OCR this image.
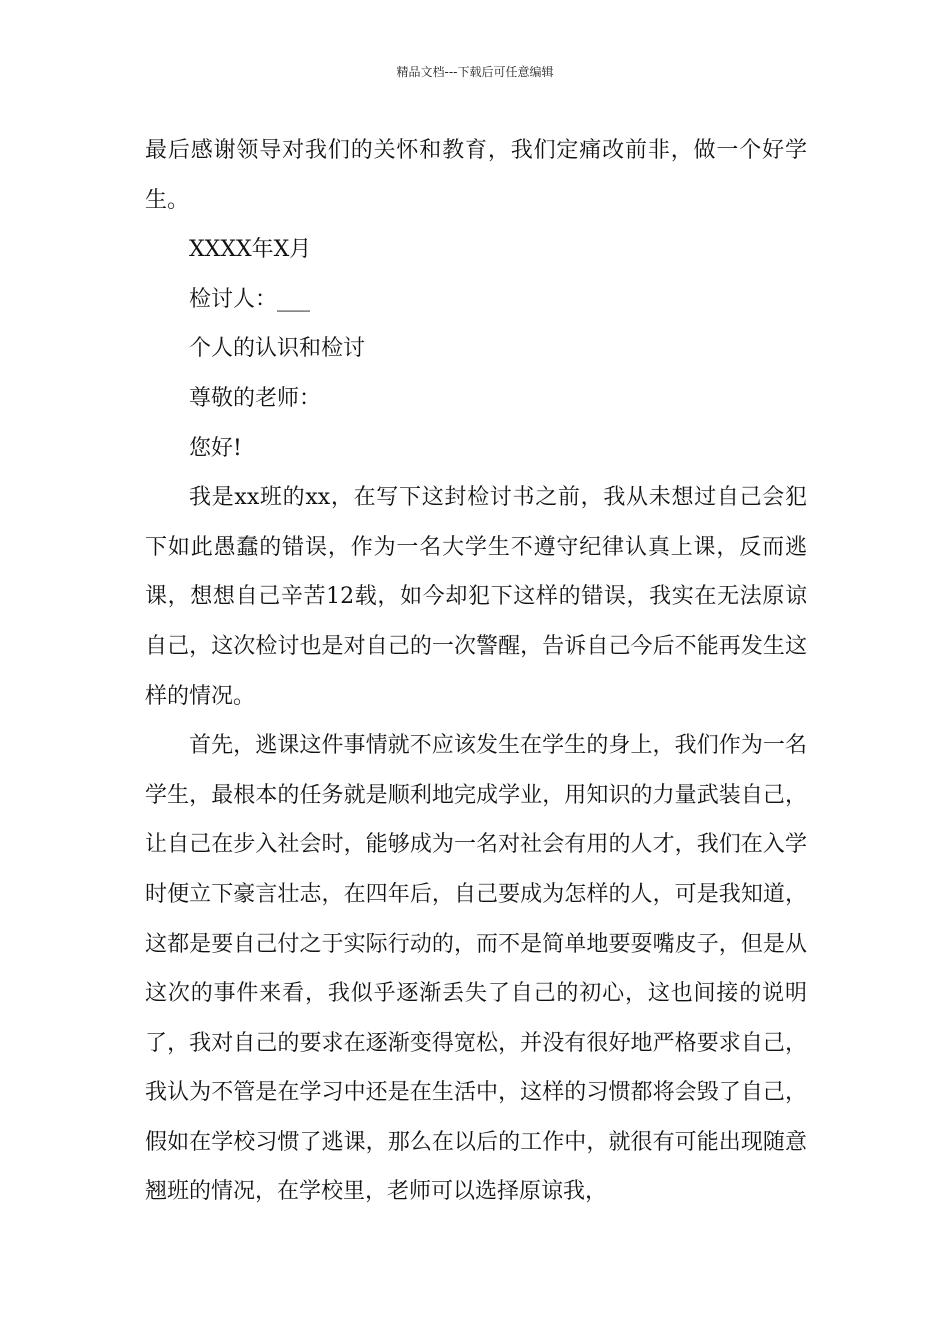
精品文档---下载后可任意编辑

最后感谢领导对我们的关怀和教育，我们定痛改前非，做一个好学生。

XXXX年X月

检讨人：___

个人的认识和检讨

尊敬的老师：

您好!

我是xx班的xx，在写下这封检讨书之前，我从未想过自己会犯下如此愚蠢的错误，作为一名大学生不遵守纪律认真上课，反而逃课，想想自己辛苦12载，如今却犯下这样的错误，我实在无法原谅自己，这次检讨也是对自己的一次警醒，告诉自己今后不能再发生这样的情况。

首先，逃课这件事情就不应该发生在学生的身上，我们作为一名学生，最根本的任务就是顺利地完成学业，用知识的力量武装自己，让自己在步入社会时，能够成为一名对社会有用的人才，我们在入学时便立下豪言壮志，在四年后，自己要成为怎样的人，可是我知道，这都是要自己付之于实际行动的，而不是简单地要耍嘴皮子，但是从这次的事件来看，我似乎逐渐丢失了自己的初心，这也间接的说明了，我对自己的要求在逐渐变得宽松，并没有很好地严格要求自己，我认为不管是在学习中还是在生活中，这样的习惯都将会毁了自己，假如在学校习惯了逃课，那么在以后的工作中，就很有可能出现随意翘班的情况，在学校里，老师可以选择原谅我，
